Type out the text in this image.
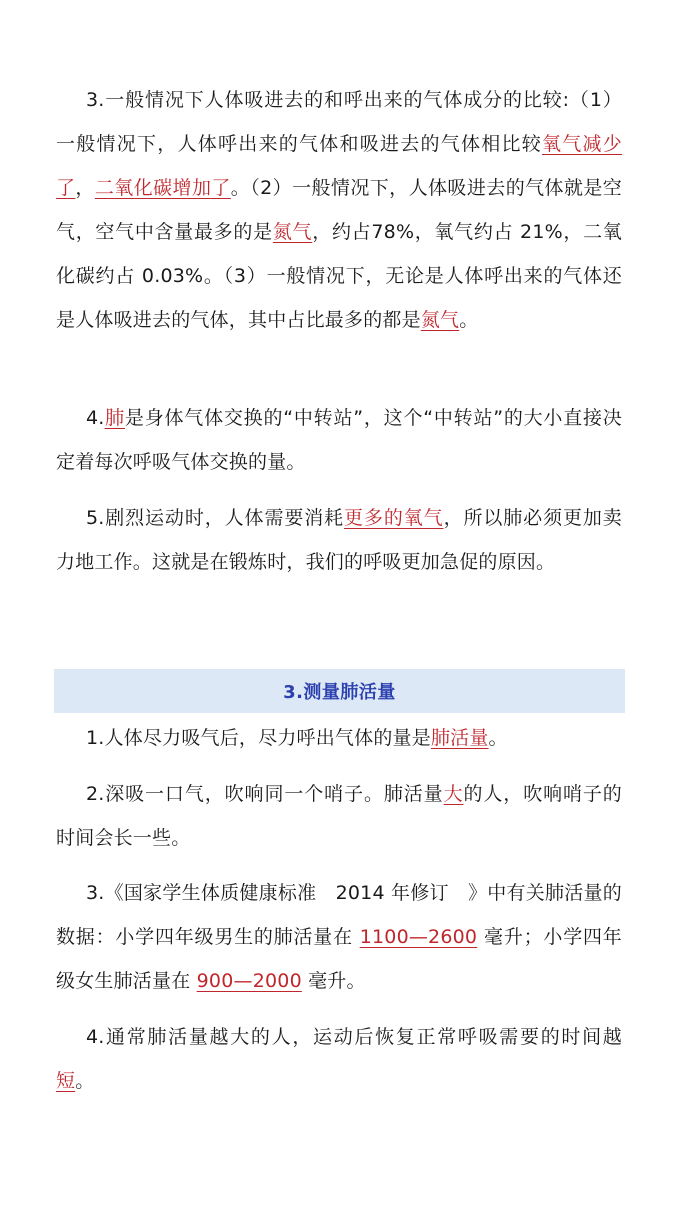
3.一般情况下人体吸进去的和呼出来的气体成分的比较:（1）一般情况下，人体呼出来的气体和吸进去的气体相比较氧气减少了，二氧化碳增加了。（2）一般情况下，人体吸进去的气体就是空气，空气中含量最多的是氮气，约占78%，氧气约占 21%，二氧化碳约占 0.03%。（3）一般情况下，无论是人体呼出来的气体还是人体吸进去的气体，其中占比最多的都是氮气。

4.肺是身体气体交换的“中转站”，这个“中转站”的大小直接决定着每次呼吸气体交换的量。

5.剧烈运动时，人体需要消耗更多的氧气，所以肺必须更加卖力地工作。这就是在锻炼时，我们的呼吸更加急促的原因。

3.测量肺活量

1.人体尽力吸气后，尽力呼出气体的量是肺活量。

2.深吸一口气，吹响同一个哨子。肺活量大的人，吹响哨子的时间会长一些。

3.《国家学生体质健康标准　2014 年修订　》中有关肺活量的数据：小学四年级男生的肺活量在 1100—2600 毫升；小学四年级女生肺活量在 900—2000 毫升。

4.通常肺活量越大的人，运动后恢复正常呼吸需要的时间越短。
